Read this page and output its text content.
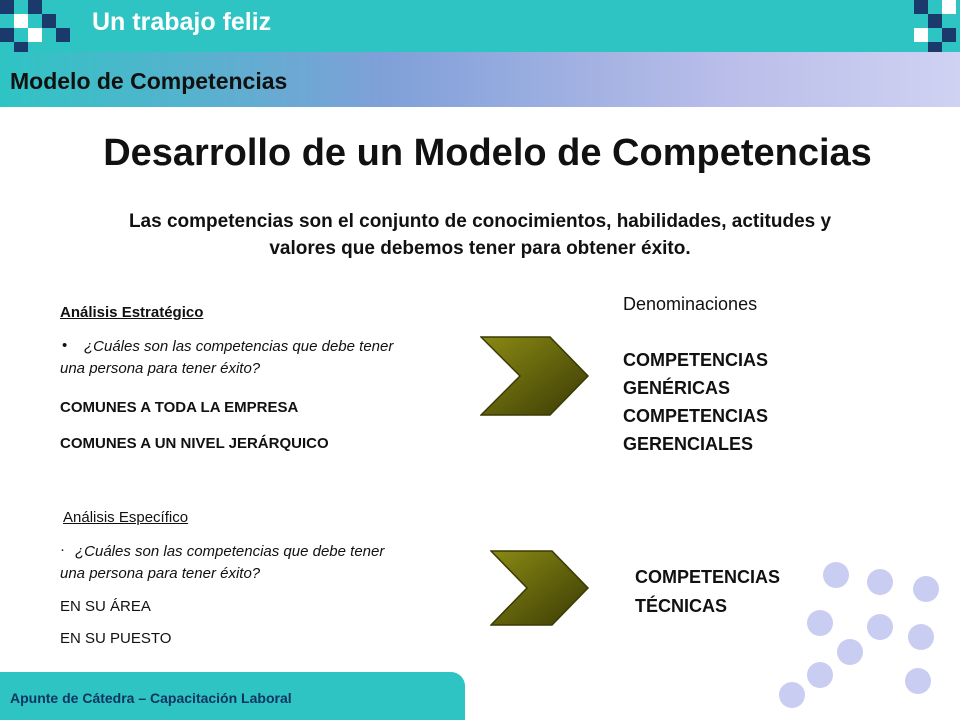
Un trabajo feliz
Modelo de Competencias
Desarrollo de un Modelo de Competencias
Las competencias son el conjunto de conocimientos, habilidades, actitudes y
valores que debemos tener para obtener éxito.
Análisis Estratégico
• ¿Cuáles son las competencias que debe tener
una persona para tener éxito?
COMUNES A TODA LA EMPRESA
COMUNES A UN NIVEL JERÁRQUICO
Denominaciones
COMPETENCIAS
GENÉRICAS
COMPETENCIAS
GERENCIALES
Análisis Específico
· ¿Cuáles son las competencias que debe tener
una persona para tener éxito?
EN SU ÁREA
EN SU PUESTO
COMPETENCIAS
TÉCNICAS
Apunte de Cátedra – Capacitación Laboral
